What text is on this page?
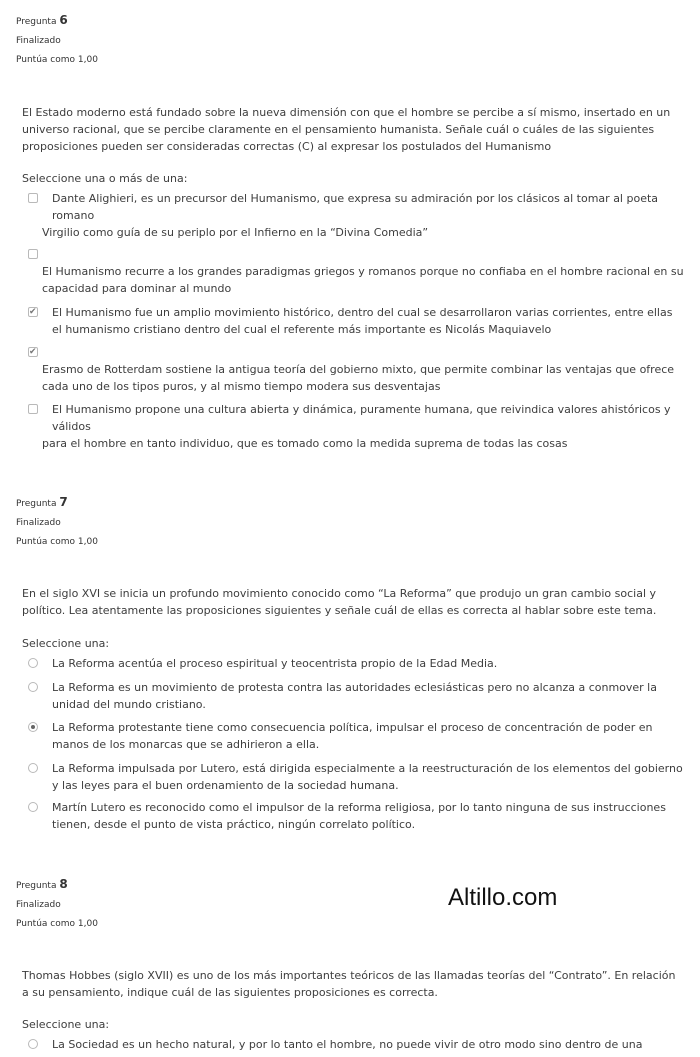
Pregunta 6
Finalizado
Puntúa como 1,00
El Estado moderno está fundado sobre la nueva dimensión con que el hombre se percibe a sí mismo, insertado en un universo racional, que se percibe claramente en el pensamiento humanista. Señale cuál o cuáles de las siguientes proposiciones pueden ser consideradas correctas (C) al expresar los postulados del Humanismo
Seleccione una o más de una:
Dante Alighieri, es un precursor del Humanismo, que expresa su admiración por los clásicos al tomar al poeta romano
Virgilio como guía de su periplo por el Infierno en la “Divina Comedia”
El Humanismo recurre a los grandes paradigmas griegos y romanos porque no confiaba en el hombre racional en su capacidad para dominar al mundo
✔
El Humanismo fue un amplio movimiento histórico, dentro del cual se desarrollaron varias corrientes, entre ellas el humanismo cristiano dentro del cual el referente más importante es Nicolás Maquiavelo
✔
Erasmo de Rotterdam sostiene la antigua teoría del gobierno mixto, que permite combinar las ventajas que ofrece cada uno de los tipos puros, y al mismo tiempo modera sus desventajas
El Humanismo propone una cultura abierta y dinámica, puramente humana, que reivindica valores ahistóricos y válidos
para el hombre en tanto individuo, que es tomado como la medida suprema de todas las cosas
Pregunta 7
Finalizado
Puntúa como 1,00
En el siglo XVI se inicia un profundo movimiento conocido como “La Reforma” que produjo un gran cambio social y político. Lea atentamente las proposiciones siguientes y señale cuál de ellas es correcta al hablar sobre este tema.
Seleccione una:
La Reforma acentúa el proceso espiritual y teocentrista propio de la Edad Media.
La Reforma es un movimiento de protesta contra las autoridades eclesiásticas pero no alcanza a conmover la unidad del mundo cristiano.
La Reforma protestante tiene como consecuencia política, impulsar el proceso de concentración de poder en manos de los monarcas que se adhirieron a ella.
La Reforma impulsada por Lutero, está dirigida especialmente a la reestructuración de los elementos del gobierno y las leyes para el buen ordenamiento de la sociedad humana.
Martín Lutero es reconocido como el impulsor de la reforma religiosa, por lo tanto ninguna de sus instrucciones tienen, desde el punto de vista práctico, ningún correlato político.
Pregunta 8
Finalizado
Puntúa como 1,00
Altillo.com
Thomas Hobbes (siglo XVII) es uno de los más importantes teóricos de las llamadas teorías del “Contrato”. En relación a su pensamiento, indique cuál de las siguientes proposiciones es correcta.
Seleccione una:
La Sociedad es un hecho natural, y por lo tanto el hombre, no puede vivir de otro modo sino dentro de una
